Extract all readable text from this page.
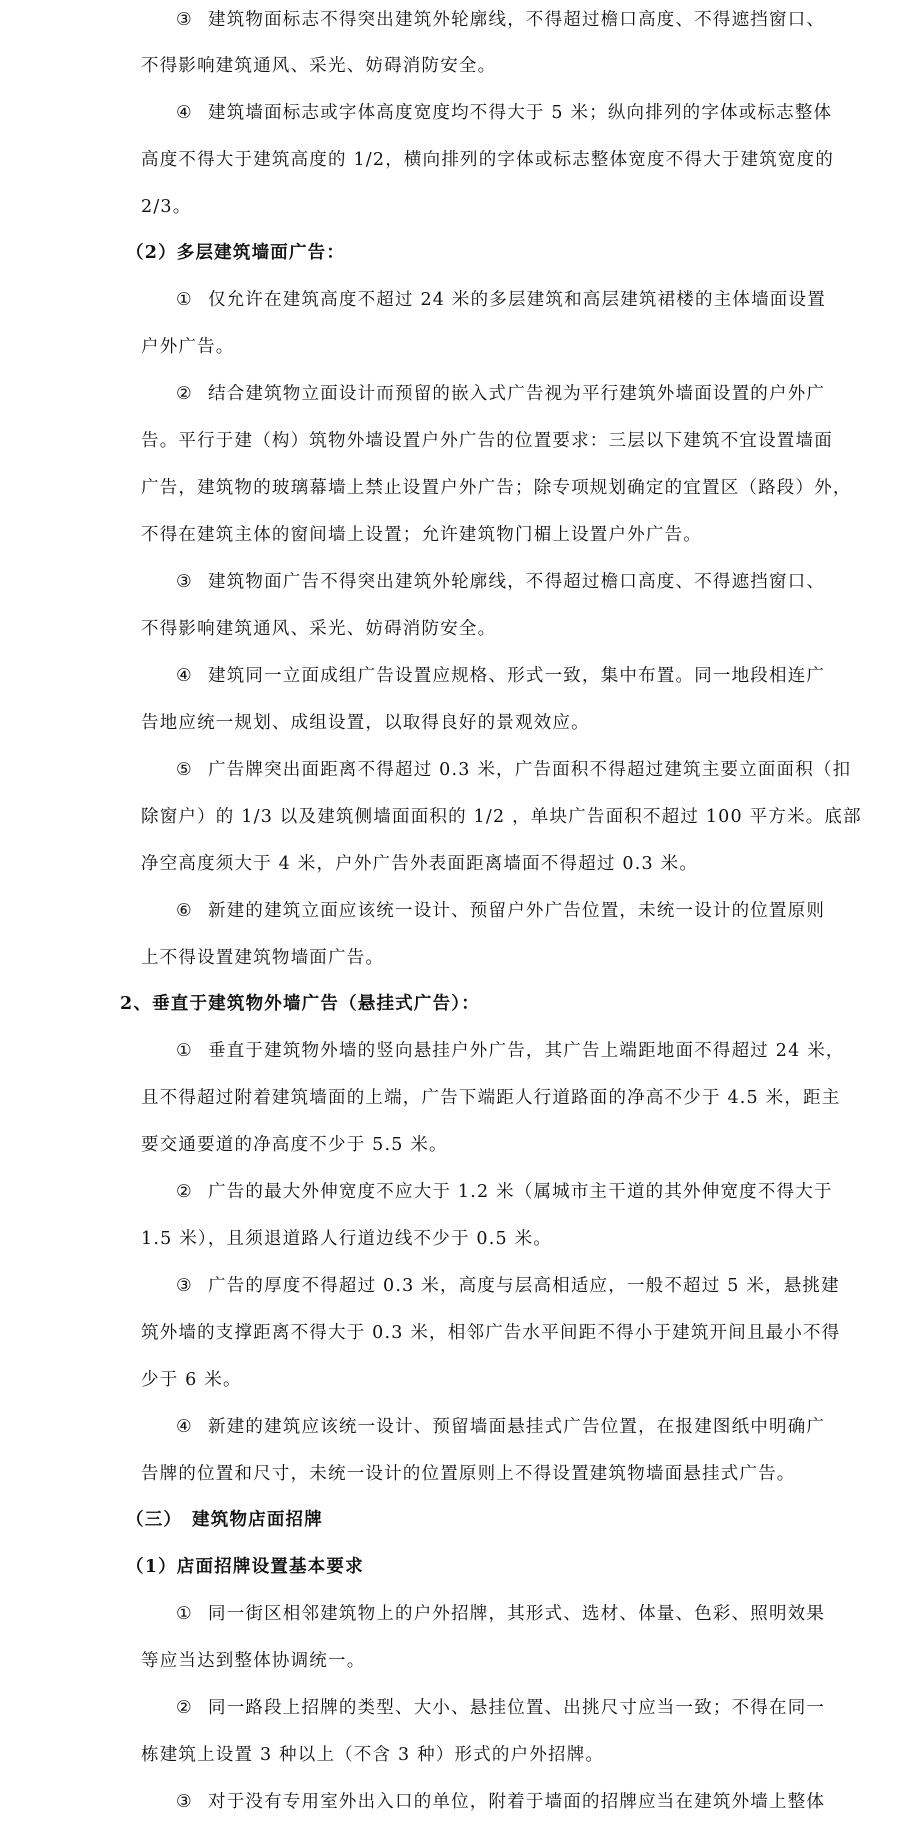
③ 建筑物面标志不得突出建筑外轮廓线，不得超过檐口高度、不得遮挡窗口、
不得影响建筑通风、采光、妨碍消防安全。
④ 建筑墙面标志或字体高度宽度均不得大于 5 米；纵向排列的字体或标志整体
高度不得大于建筑高度的 1/2，横向排列的字体或标志整体宽度不得大于建筑宽度的
2/3。
（2）多层建筑墙面广告：
① 仅允许在建筑高度不超过 24 米的多层建筑和高层建筑裙楼的主体墙面设置
户外广告。
② 结合建筑物立面设计而预留的嵌入式广告视为平行建筑外墙面设置的户外广
告。平行于建（构）筑物外墙设置户外广告的位置要求：三层以下建筑不宜设置墙面
广告，建筑物的玻璃幕墙上禁止设置户外广告；除专项规划确定的宜置区（路段）外，
不得在建筑主体的窗间墙上设置；允许建筑物门楣上设置户外广告。
③ 建筑物面广告不得突出建筑外轮廓线，不得超过檐口高度、不得遮挡窗口、
不得影响建筑通风、采光、妨碍消防安全。
④ 建筑同一立面成组广告设置应规格、形式一致，集中布置。同一地段相连广
告地应统一规划、成组设置，以取得良好的景观效应。
⑤ 广告牌突出面距离不得超过 0.3 米，广告面积不得超过建筑主要立面面积（扣
除窗户）的 1/3 以及建筑侧墙面面积的 1/2 ，单块广告面积不超过 100 平方米。底部
净空高度须大于 4 米，户外广告外表面距离墙面不得超过 0.3 米。
⑥ 新建的建筑立面应该统一设计、预留户外广告位置，未统一设计的位置原则
上不得设置建筑物墙面广告。
2、垂直于建筑物外墙广告（悬挂式广告）：
① 垂直于建筑物外墙的竖向悬挂户外广告，其广告上端距地面不得超过 24 米，
且不得超过附着建筑墙面的上端，广告下端距人行道路面的净高不少于 4.5 米，距主
要交通要道的净高度不少于 5.5 米。
② 广告的最大外伸宽度不应大于 1.2 米（属城市主干道的其外伸宽度不得大于
1.5 米），且须退道路人行道边线不少于 0.5 米。
③ 广告的厚度不得超过 0.3 米，高度与层高相适应，一般不超过 5 米，悬挑建
筑外墙的支撑距离不得大于 0.3 米，相邻广告水平间距不得小于建筑开间且最小不得
少于 6 米。
④ 新建的建筑应该统一设计、预留墙面悬挂式广告位置，在报建图纸中明确广
告牌的位置和尺寸，未统一设计的位置原则上不得设置建筑物墙面悬挂式广告。
（三）　建筑物店面招牌
（1）店面招牌设置基本要求
① 同一街区相邻建筑物上的户外招牌，其形式、选材、体量、色彩、照明效果
等应当达到整体协调统一。
② 同一路段上招牌的类型、大小、悬挂位置、出挑尺寸应当一致；不得在同一
栋建筑上设置 3 种以上（不含 3 种）形式的户外招牌。
③ 对于没有专用室外出入口的单位，附着于墙面的招牌应当在建筑外墙上整体
